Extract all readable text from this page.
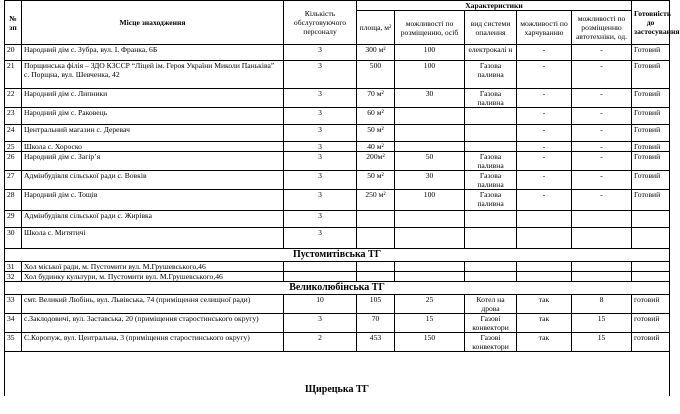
№ зп	Місце знаходження	Кількість обслуговуючого персоналу	Характеристики					Готовність до застосування
			площа, м²	можливості по розміщенню, осіб	вид системи опалення	можливості по харчуванню	можливості по розміщенню автотехніки, од.	
20	Народний дім с. Зубра, вул. І. Франка, 6Б	3	300 м²	100	електрокалі н	-	-	Готовий
21	Порщинська філія – ЗДО КЗССР “Ліцей ім. Героя України Миколи Паньківа” с. Порщна, вул. Шевченка, 42	3	500	100	Газова паливна	-	-	Готовий
22	Народний дім с. Липники	3	70 м²	30	Газова паливна	-	-	Готовий
23	Народний дім с. Раковець	3	60 м²			-	-	Готовий
24	Центральний магазин с. Деревач	3	50 м²			-	-	Готовий
25	Школа с. Хороско	3	40 м²			-	-	Готовий
26	Народний дім с. Загір’я	3	200м²	50	Газова паливна	-	-	Готовий
27	Адмінбудівля сільської ради с. Вовків	3	50 м²	30	Газова паливна	-	-	Готовий
28	Народний дім с. Тощів	3	250 м²	100	Газова паливна	-	-	Готовий
29	Адмінбудівля сільської ради с. Жирівка	3						
30	Школа с. Митятичі	3						
Пустомитівська ТГ								
31	Хол міської ради, м. Пустомити вул. М.Грушевського,46							
32	Хол будинку культури, м. Пустомити вул. М.Грушевського,46							
Великолюбінська ТГ								
33	смт. Великий Любінь, вул. Львівська, 74 (приміщення селищної ради)	10	105	25	Котел на дрова	так	8	готовий
34	с.Заклодовичі, вул. Заставська, 20 (приміщення старостинського округу)	3	70	15	Газові конвектори	так	15	готовий
35	С.Коропуж, вул. Центральна, 3 (приміщення старостинського округу)	2	453	150	Газові конвектори	так	15	готовий
Щирецька ТГ								
